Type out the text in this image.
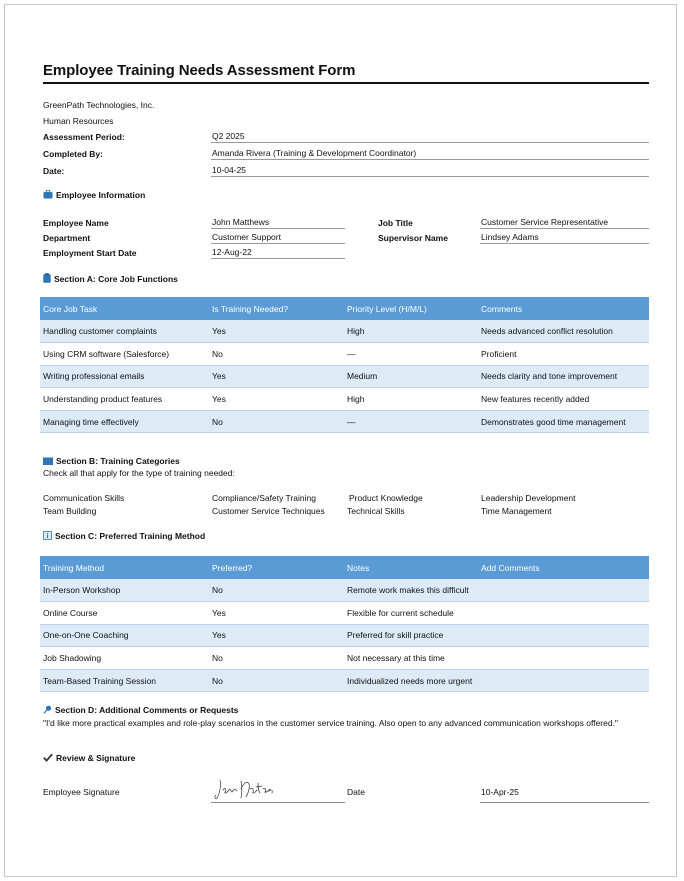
Employee Training Needs Assessment Form
GreenPath Technologies, Inc.
Human Resources
Assessment Period:	Q2 2025
Completed By:	Amanda Rivera (Training & Development Coordinator)
Date:	10-04-25
Employee Information
Employee Name	John Matthews	Job Title	Customer Service Representative
Department	Customer Support	Supervisor Name	Lindsey Adams
Employment Start Date	12-Aug-22
Section A: Core Job Functions
Core Job Task	Is Training Needed?	Priority Level (H/M/L)	Comments
Handling customer complaints	Yes	High	Needs advanced conflict resolution
Using CRM software (Salesforce)	No	—	Proficient
Writing professional emails	Yes	Medium	Needs clarity and tone improvement
Understanding product features	Yes	High	New features recently added
Managing time effectively	No	—	Demonstrates good time management
Section B: Training Categories
Check all that apply for the type of training needed:
Communication Skills	Compliance/Safety Training	Product Knowledge	Leadership Development
Team Building	Customer Service Techniques	Technical Skills	Time Management
Section C: Preferred Training Method
Training Method	Preferred?	Notes	Add Comments
In-Person Workshop	No	Remote work makes this difficult	
Online Course	Yes	Flexible for current schedule	
One-on-One Coaching	Yes	Preferred for skill practice	
Job Shadowing	No	Not necessary at this time	
Team-Based Training Session	No	Individualized needs more urgent	
Section D: Additional Comments or Requests
"I'd like more practical examples and role-play scenarios in the customer service training. Also open to any advanced communication workshops offered."
Review & Signature
Employee Signature	Date	10-Apr-25
